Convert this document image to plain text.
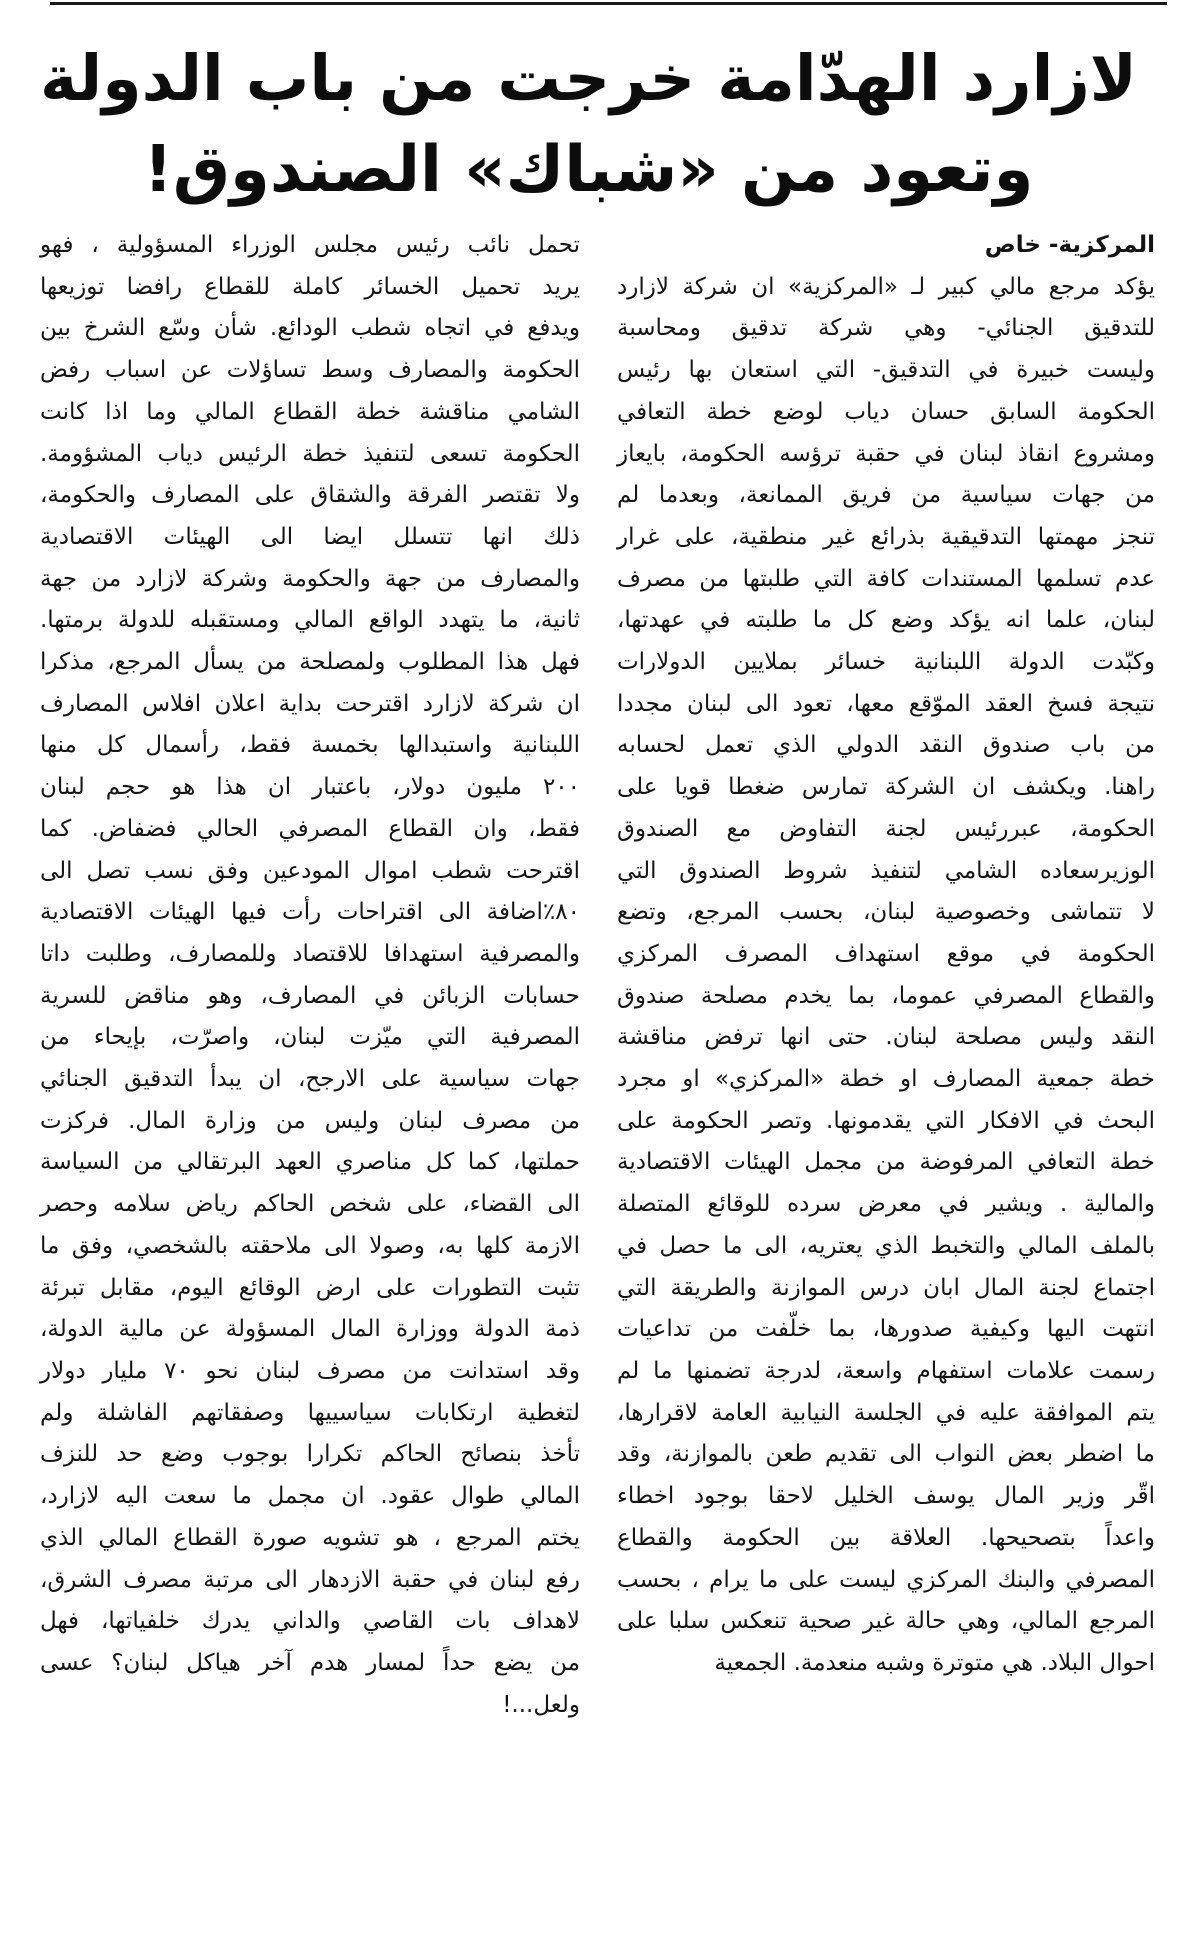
لازارد الهدّامة خرجت من باب الدولة
وتعود من «شباك» الصندوق!
المركزية- خاص
يؤكد مرجع مالي كبير لـ «المركزية» ان شركة لازارد
للتدقيق الجنائي- وهي شركة تدقيق ومحاسبة
وليست خبيرة في التدقيق- التي استعان بها رئيس
الحكومة السابق حسان دياب لوضع خطة التعافي
ومشروع انقاذ لبنان في حقبة ترؤسه الحكومة، بايعاز
من جهات سياسية من فريق الممانعة، وبعدما لم
تنجز مهمتها التدقيقية بذرائع غير منطقية، على غرار
عدم تسلمها المستندات كافة التي طلبتها من مصرف
لبنان، علما انه يؤكد وضع كل ما طلبته في عهدتها،
وكبّدت الدولة اللبنانية خسائر بملايين الدولارات
نتيجة فسخ العقد الموّقع معها، تعود الى لبنان مجددا
من باب صندوق النقد الدولي الذي تعمل لحسابه
راهنا. ويكشف ان الشركة تمارس ضغطا قويا على
الحكومة، عبررئيس لجنة التفاوض مع الصندوق
الوزيرسعاده الشامي لتنفيذ شروط الصندوق التي
لا تتماشى وخصوصية لبنان، بحسب المرجع، وتضع
الحكومة في موقع استهداف المصرف المركزي
والقطاع المصرفي عموما، بما يخدم مصلحة صندوق
النقد وليس مصلحة لبنان. حتى انها ترفض مناقشة
خطة جمعية المصارف او خطة «المركزي» او مجرد
البحث في الافكار التي يقدمونها. وتصر الحكومة على
خطة التعافي المرفوضة من مجمل الهيئات الاقتصادية
والمالية . ويشير في معرض سرده للوقائع المتصلة
بالملف المالي والتخبط الذي يعتريه، الى ما حصل في
اجتماع لجنة المال ابان درس الموازنة والطريقة التي
انتهت اليها وكيفية صدورها، بما خلّفت من تداعيات
رسمت علامات استفهام واسعة، لدرجة تضمنها ما لم
يتم الموافقة عليه في الجلسة النيابية العامة لاقرارها،
ما اضطر بعض النواب الى تقديم طعن بالموازنة، وقد
اقّر وزير المال يوسف الخليل لاحقا بوجود اخطاء
واعداً بتصحيحها. العلاقة بين الحكومة والقطاع
المصرفي والبنك المركزي ليست على ما يرام ، بحسب
المرجع المالي، وهي حالة غير صحية تنعكس سلبا على
احوال البلاد. هي متوترة وشبه منعدمة. الجمعية
تحمل نائب رئيس مجلس الوزراء المسؤولية ، فهو
يريد تحميل الخسائر كاملة للقطاع رافضا توزيعها
ويدفع في اتجاه شطب الودائع. شأن وسّع الشرخ بين
الحكومة والمصارف وسط تساؤلات عن اسباب رفض
الشامي مناقشة خطة القطاع المالي وما اذا كانت
الحكومة تسعى لتنفيذ خطة الرئيس دياب المشؤومة.
ولا تقتصر الفرقة والشقاق على المصارف والحكومة،
ذلك انها تتسلل ايضا الى الهيئات الاقتصادية
والمصارف من جهة والحكومة وشركة لازارد من جهة
ثانية، ما يتهدد الواقع المالي ومستقبله للدولة برمتها.
فهل هذا المطلوب ولمصلحة من يسأل المرجع، مذكرا
ان شركة لازارد اقترحت بداية اعلان افلاس المصارف
اللبنانية واستبدالها بخمسة فقط، رأسمال كل منها
٢٠٠ مليون دولار، باعتبار ان هذا هو حجم لبنان
فقط، وان القطاع المصرفي الحالي فضفاض. كما
اقترحت شطب اموال المودعين وفق نسب تصل الى
٨٠٪اضافة الى اقتراحات رأت فيها الهيئات الاقتصادية
والمصرفية استهدافا للاقتصاد وللمصارف، وطلبت داتا
حسابات الزبائن في المصارف، وهو مناقض للسرية
المصرفية التي ميّزت لبنان، واصرّت، بإيحاء من
جهات سياسية على الارجح، ان يبدأ التدقيق الجنائي
من مصرف لبنان وليس من وزارة المال. فركزت
حملتها، كما كل مناصري العهد البرتقالي من السياسة
الى القضاء، على شخص الحاكم رياض سلامه وحصر
الازمة كلها به، وصولا الى ملاحقته بالشخصي، وفق ما
تثبت التطورات على ارض الوقائع اليوم، مقابل تبرئة
ذمة الدولة ووزارة المال المسؤولة عن مالية الدولة،
وقد استدانت من مصرف لبنان نحو ٧٠ مليار دولار
لتغطية ارتكابات سياسييها وصفقاتهم الفاشلة ولم
تأخذ بنصائح الحاكم تكرارا بوجوب وضع حد للنزف
المالي طوال عقود. ان مجمل ما سعت اليه لازارد،
يختم المرجع ، هو تشويه صورة القطاع المالي الذي
رفع لبنان في حقبة الازدهار الى مرتبة مصرف الشرق،
لاهداف بات القاصي والداني يدرك خلفياتها، فهل
من يضع حداً لمسار هدم آخر هياكل لبنان؟ عسى
ولعل...!
